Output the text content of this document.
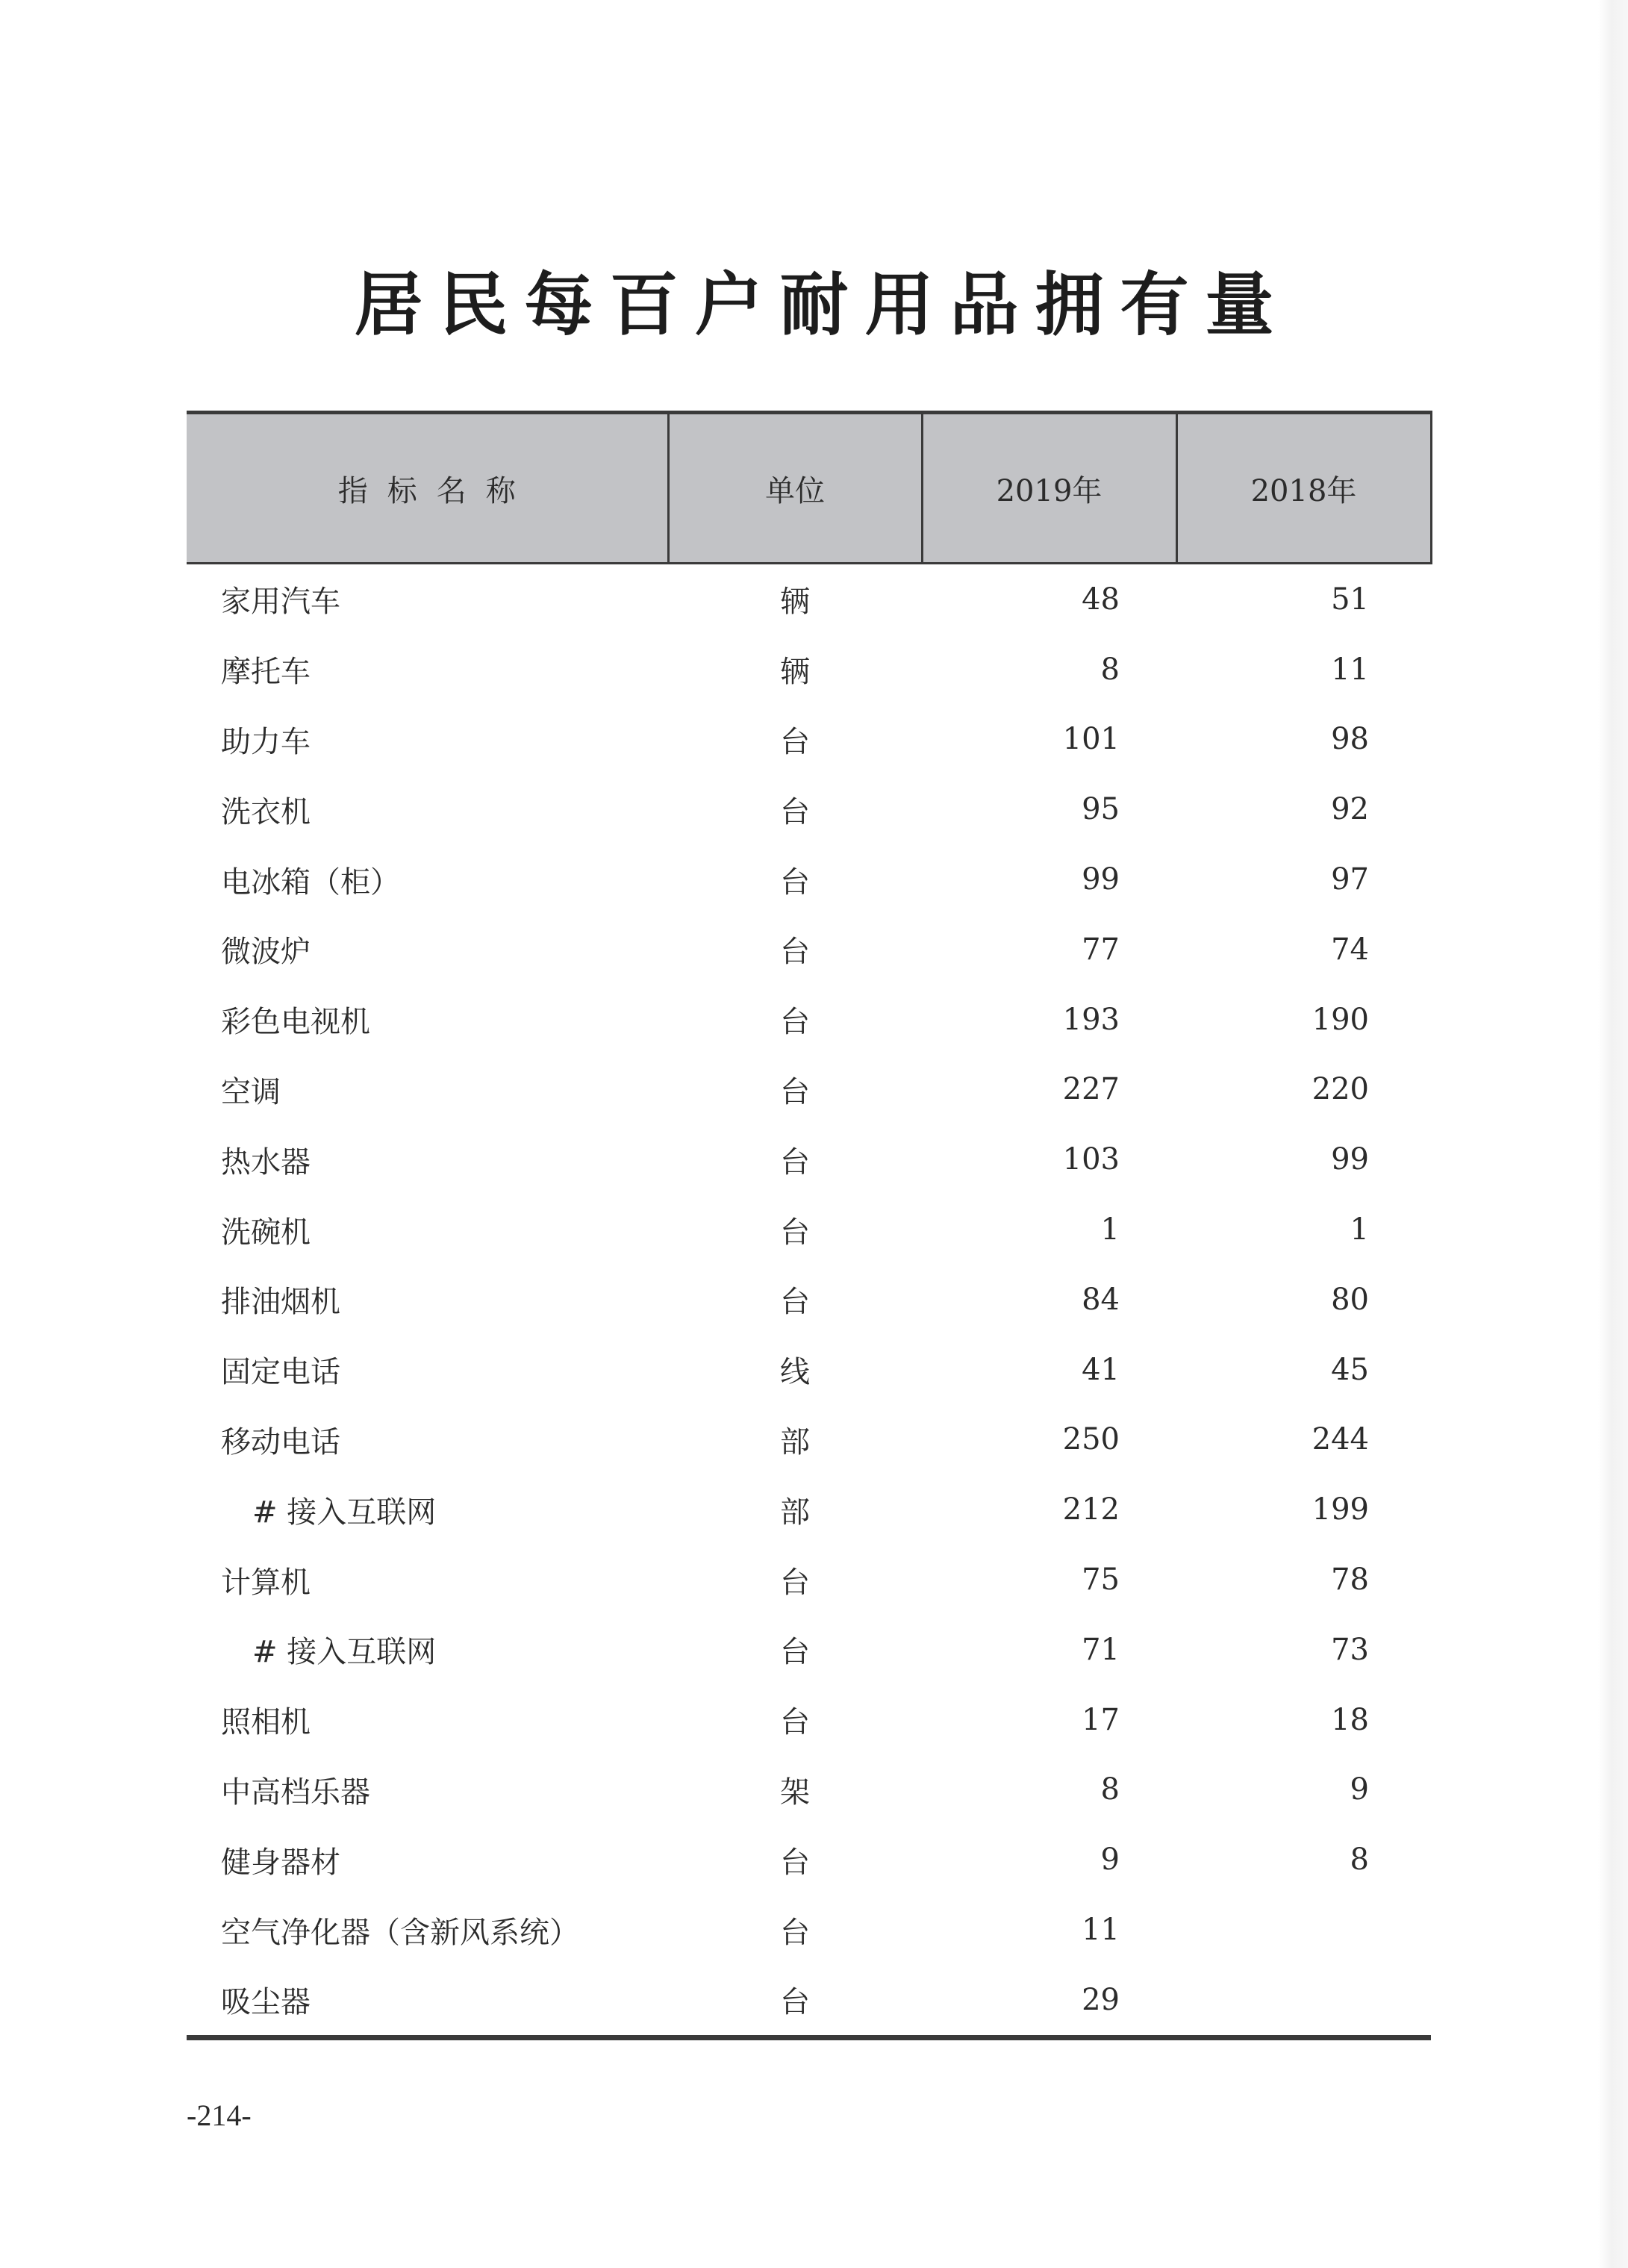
居民每百户耐用品拥有量
指标名称	单位	2019年	2018年
家用汽车	辆	48	51
摩托车	辆	8	11
助力车	台	101	98
洗衣机	台	95	92
电冰箱（柜）	台	99	97
微波炉	台	77	74
彩色电视机	台	193	190
空调	台	227	220
热水器	台	103	99
洗碗机	台	1	1
排油烟机	台	84	80
固定电话	线	41	45
移动电话	部	250	244
# 接入互联网	部	212	199
计算机	台	75	78
# 接入互联网	台	71	73
照相机	台	17	18
中高档乐器	架	8	9
健身器材	台	9	8
空气净化器（含新风系统）	台	11	
吸尘器	台	29	
-214-
